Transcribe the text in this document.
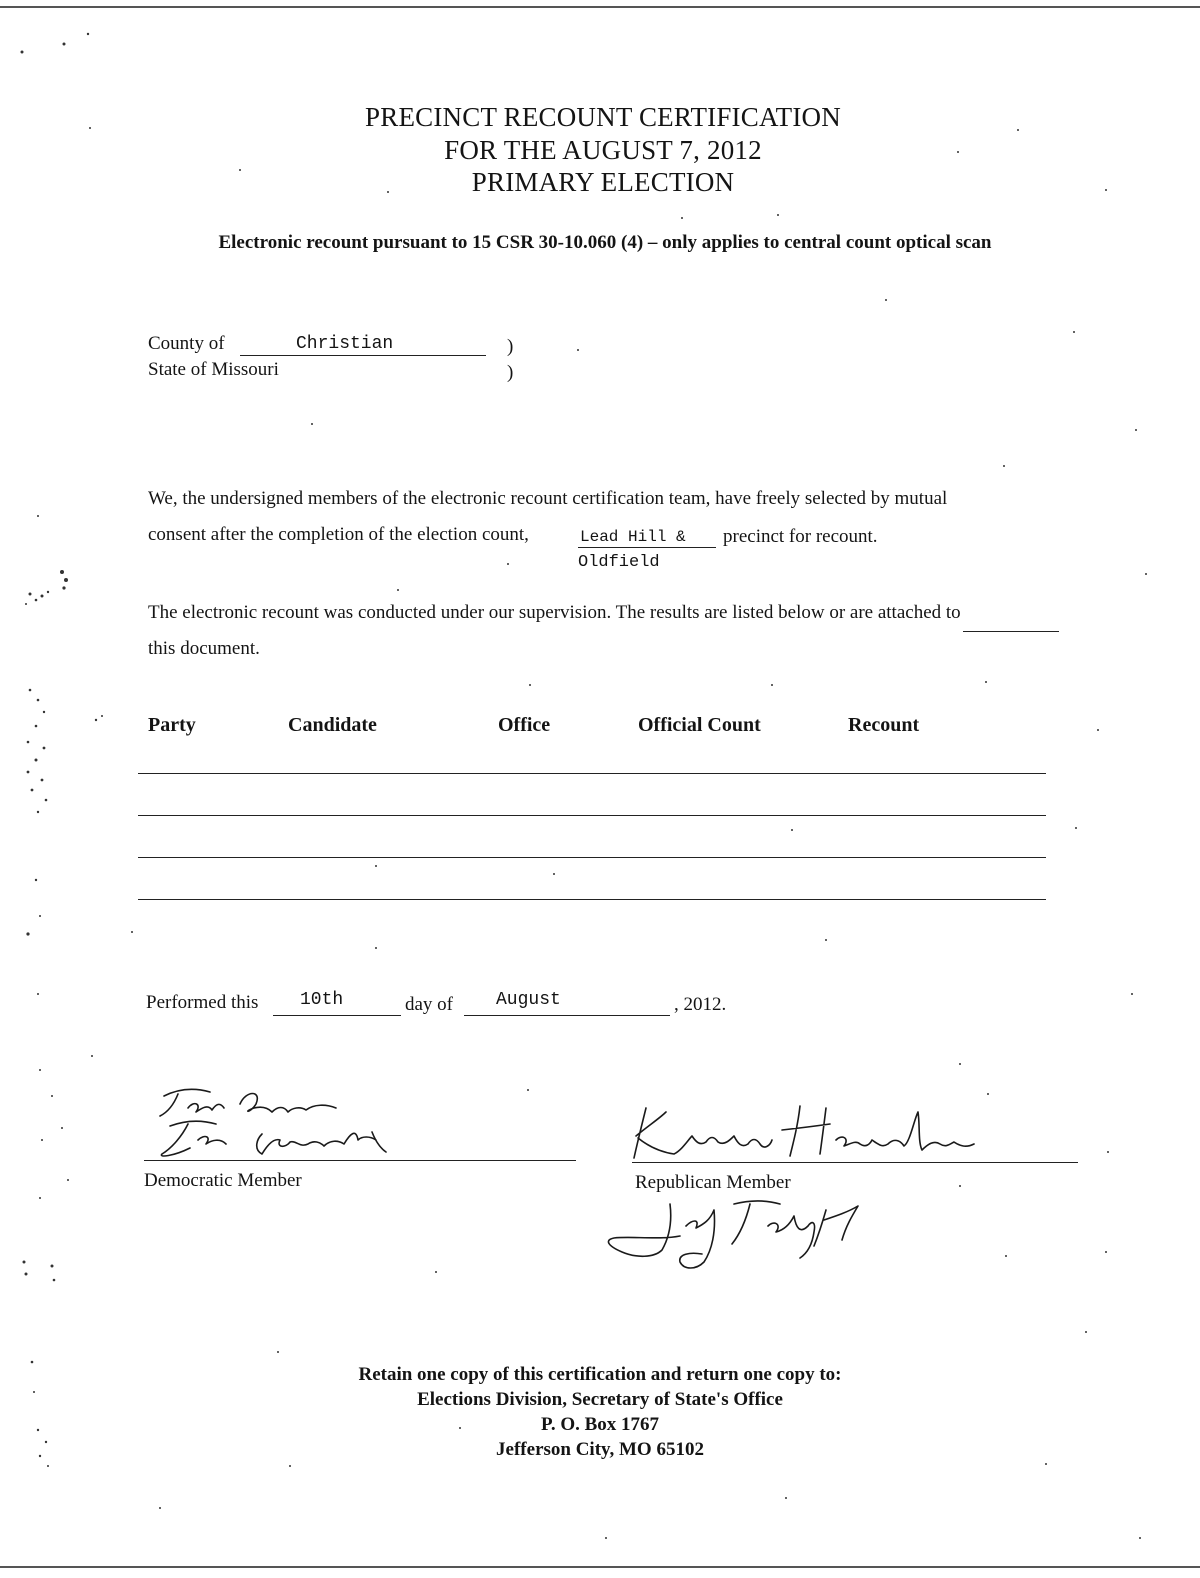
PRECINCT RECOUNT CERTIFICATION
FOR THE AUGUST 7, 2012
PRIMARY ELECTION
Electronic recount pursuant to 15 CSR 30-10.060 (4) – only applies to central count optical scan
County of	Christian	)
State of Missouri	)
We, the undersigned members of the electronic recount certification team, have freely selected by mutual
consent after the completion of the election count,	Lead Hill & precinct for recount.
Oldfield
The electronic recount was conducted under our supervision. The results are listed below or are attached to
this document.
Party	Candidate	Office	Official Count	Recount
Performed this 10th	day of August	, 2012.
Democratic Member	Republican Member
Retain one copy of this certification and return one copy to:
Elections Division, Secretary of State's Office
P. O. Box 1767
Jefferson City, MO 65102
